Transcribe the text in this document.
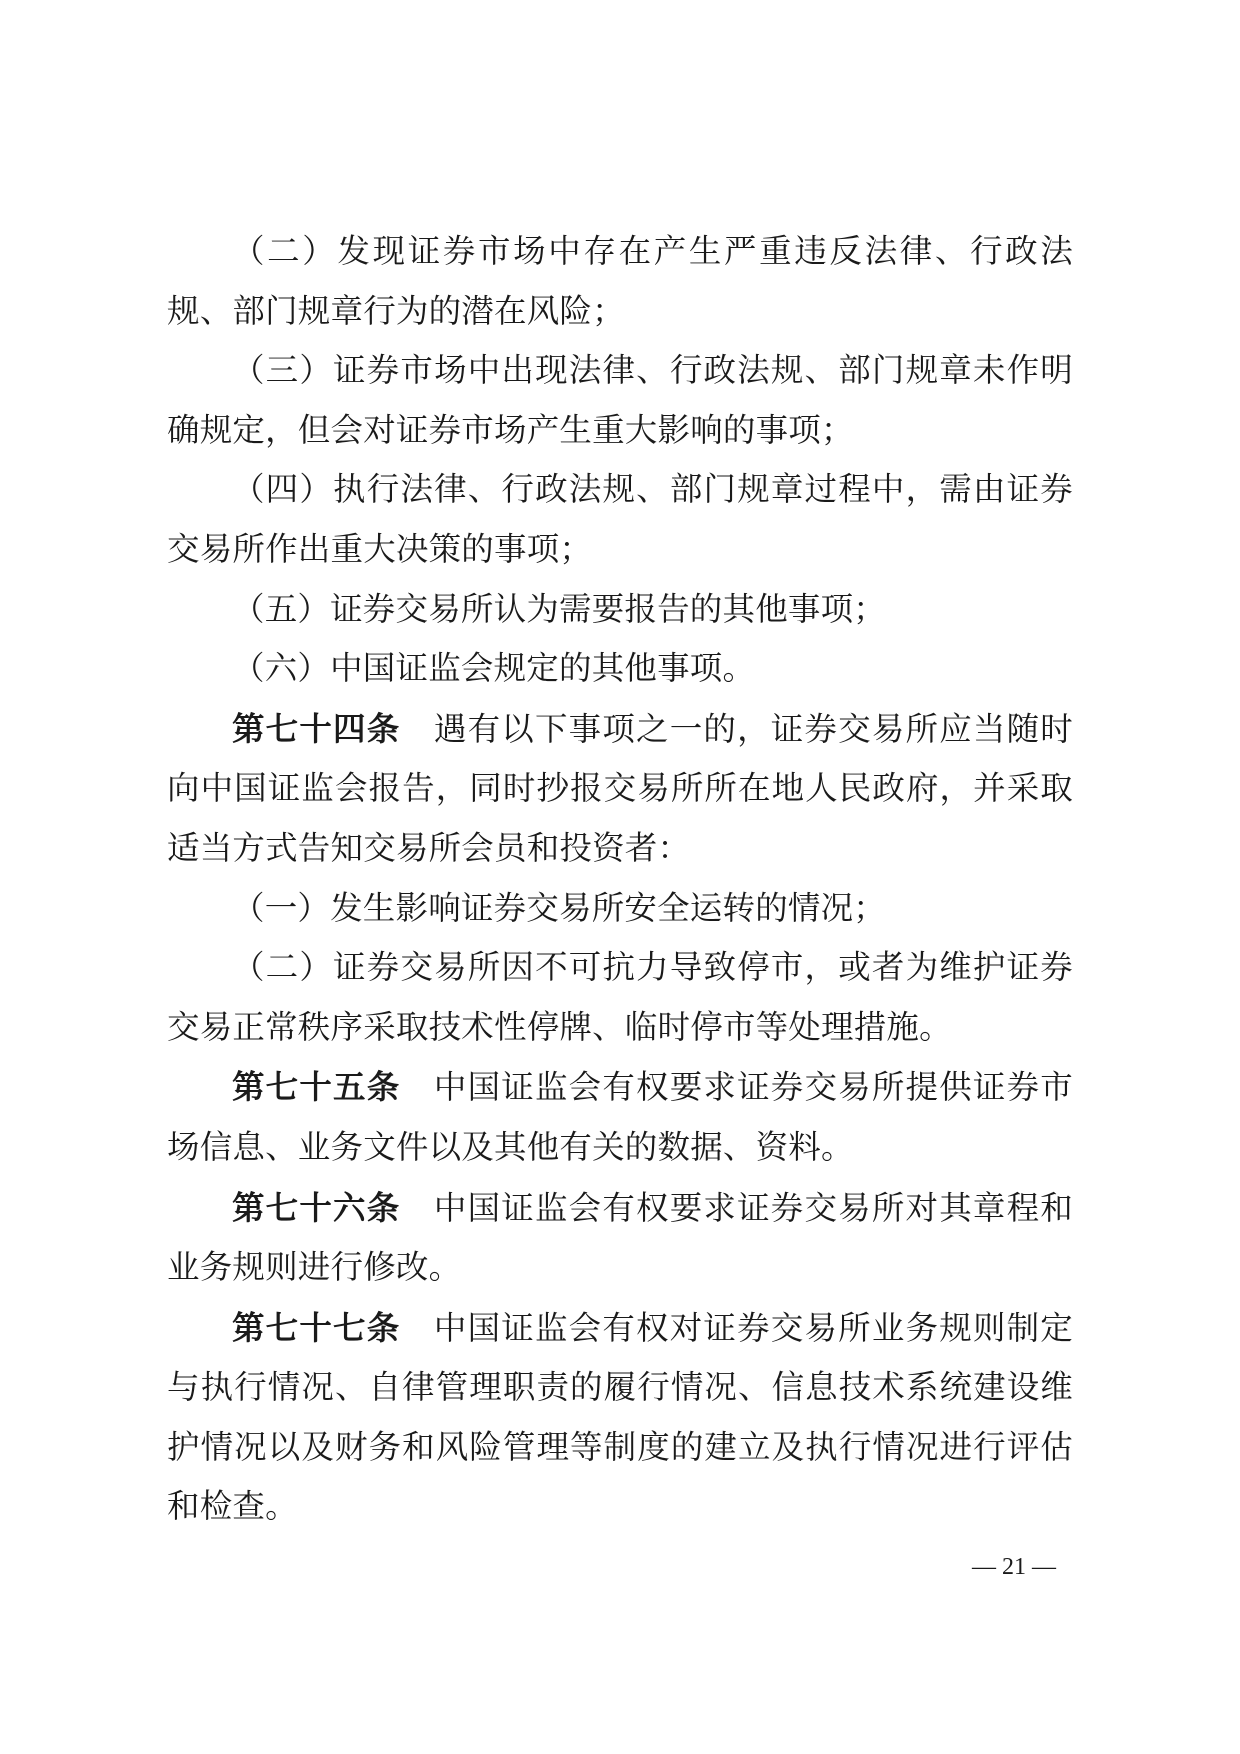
（二）发现证券市场中存在产生严重违反法律、行政法规、部门规章行为的潜在风险；

（三）证券市场中出现法律、行政法规、部门规章未作明确规定，但会对证券市场产生重大影响的事项；

（四）执行法律、行政法规、部门规章过程中，需由证券交易所作出重大决策的事项；

（五）证券交易所认为需要报告的其他事项；

（六）中国证监会规定的其他事项。

第七十四条 遇有以下事项之一的，证券交易所应当随时向中国证监会报告，同时抄报交易所所在地人民政府，并采取适当方式告知交易所会员和投资者：

（一）发生影响证券交易所安全运转的情况；

（二）证券交易所因不可抗力导致停市，或者为维护证券交易正常秩序采取技术性停牌、临时停市等处理措施。

第七十五条 中国证监会有权要求证券交易所提供证券市场信息、业务文件以及其他有关的数据、资料。

第七十六条 中国证监会有权要求证券交易所对其章程和业务规则进行修改。

第七十七条 中国证监会有权对证券交易所业务规则制定与执行情况、自律管理职责的履行情况、信息技术系统建设维护情况以及财务和风险管理等制度的建立及执行情况进行评估和检查。

— 21 —
